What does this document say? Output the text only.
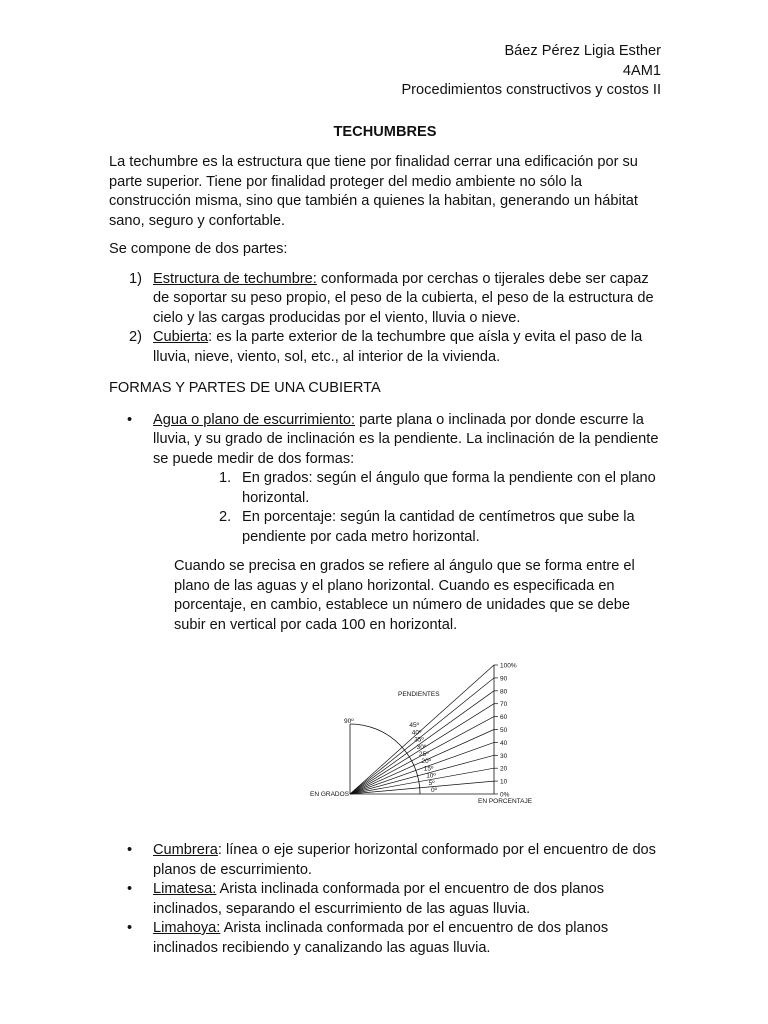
Báez Pérez Ligia Esther
4AM1
Procedimientos constructivos y costos II
TECHUMBRES

La techumbre es la estructura que tiene por finalidad cerrar una edificación por su parte superior. Tiene por finalidad proteger del medio ambiente no sólo la construcción misma, sino que también a quienes la habitan, generando un hábitat sano, seguro y confortable.

Se compone de dos partes:

1) Estructura de techumbre: conformada por cerchas o tijerales debe ser capaz de soportar su peso propio, el peso de la cubierta, el peso de la estructura de cielo y las cargas producidas por el viento, lluvia o nieve.
2) Cubierta: es la parte exterior de la techumbre que aísla y evita el paso de la lluvia, nieve, viento, sol, etc., al interior de la vivienda.
FORMAS Y PARTES DE UNA CUBIERTA
• Agua o plano de escurrimiento: parte plana o inclinada por donde escurre la lluvia, y su grado de inclinación es la pendiente. La inclinación de la pendiente se puede medir de dos formas:
1. En grados: según el ángulo que forma la pendiente con el plano horizontal.
2. En porcentaje: según la cantidad de centímetros que sube la pendiente por cada metro horizontal.

Cuando se precisa en grados se refiere al ángulo que se forma entre el plano de las aguas y el plano horizontal. Cuando es especificada en porcentaje, en cambio, establece un número de unidades que se debe subir en vertical por cada 100 en horizontal.

0%
10
20
30
40
50
60
70
80
90
100%
0º
5º
10º
15º
20º
25º
30º
35º
40º
45º
PENDIENTES
90º
EN GRADOS
EN PORCENTAJE
• Cumbrera: línea o eje superior horizontal conformado por el encuentro de dos planos de escurrimiento.
• Limatesa: Arista inclinada conformada por el encuentro de dos planos inclinados, separando el escurrimiento de las aguas lluvia.
• Limahoya: Arista inclinada conformada por el encuentro de dos planos inclinados recibiendo y canalizando las aguas lluvia.
